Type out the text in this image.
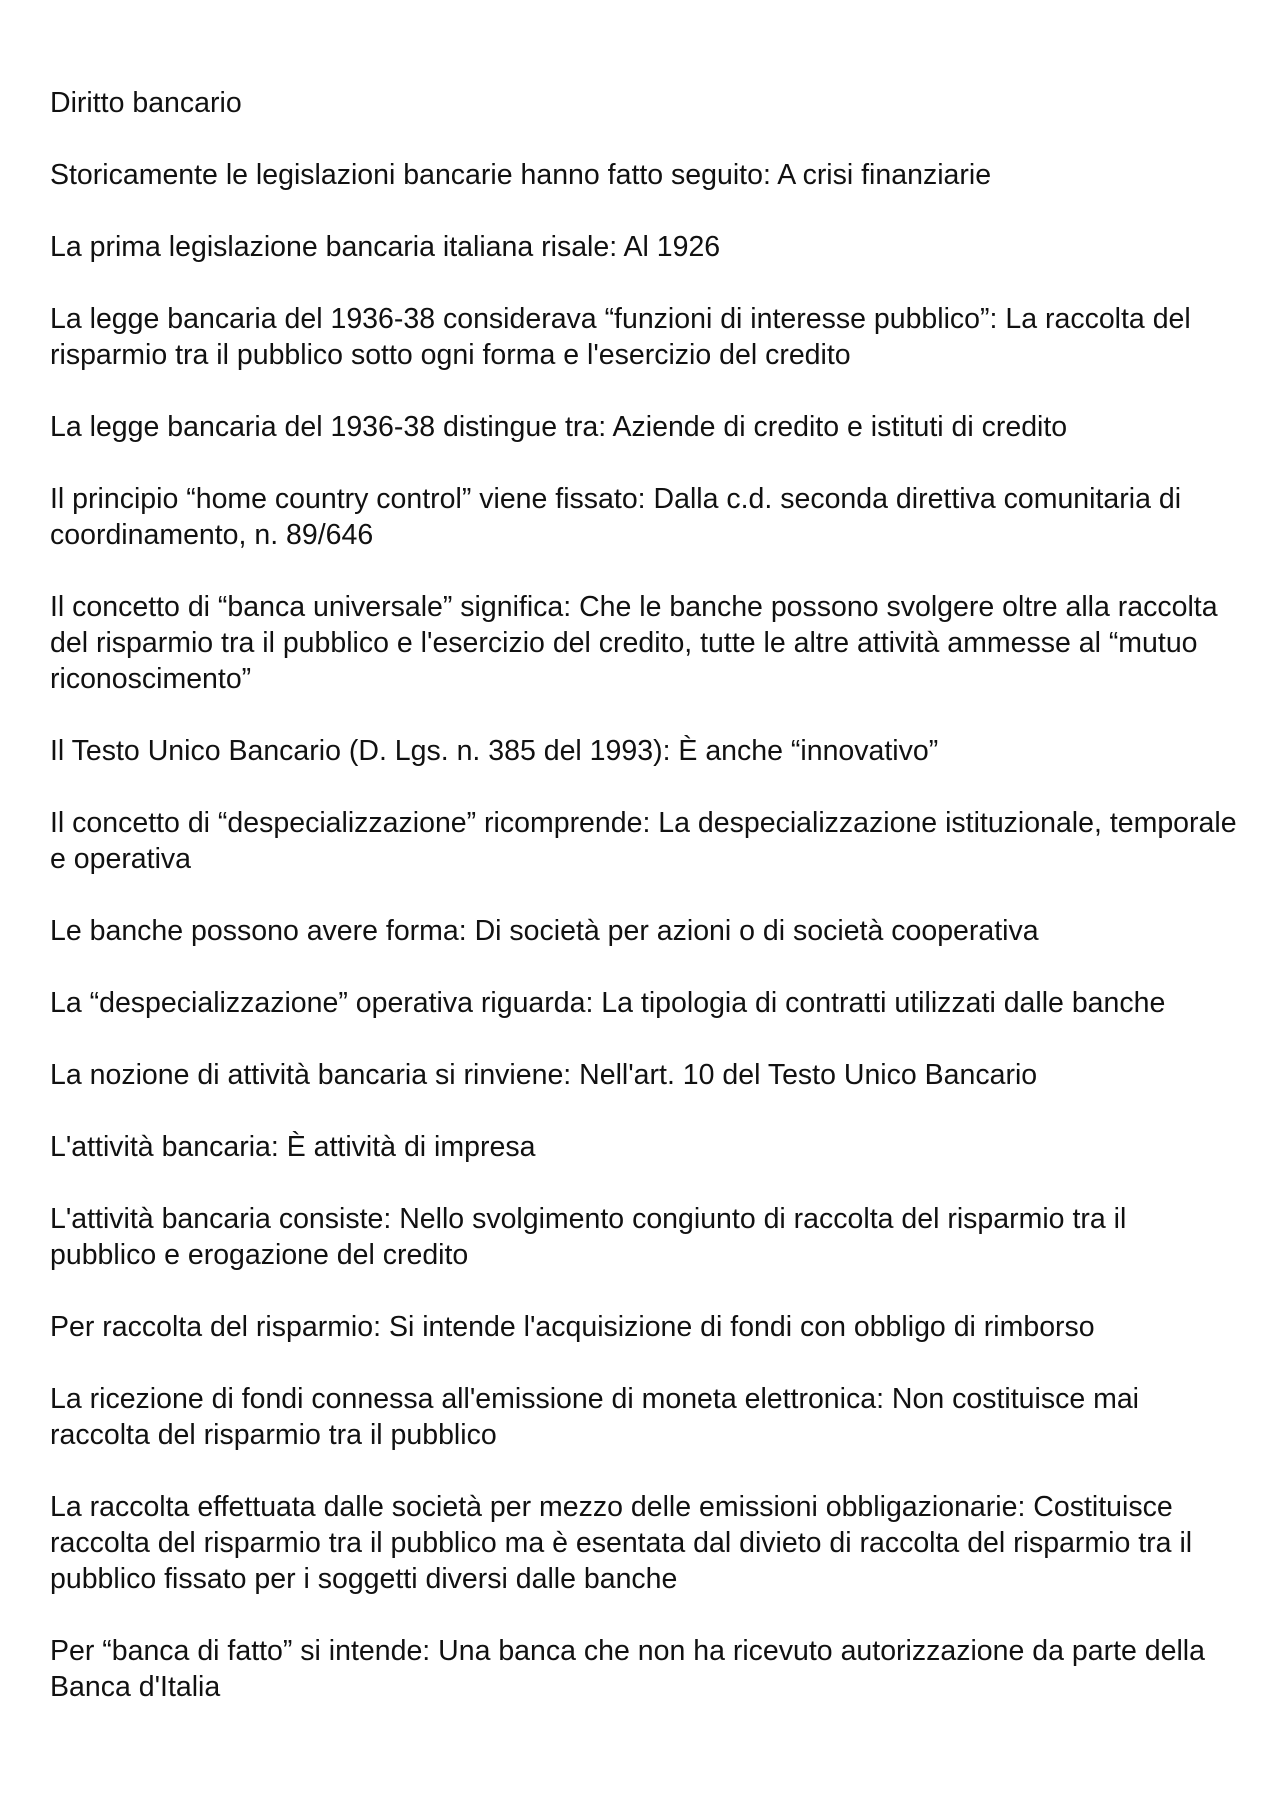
Diritto bancario

Storicamente le legislazioni bancarie hanno fatto seguito: A crisi finanziarie

La prima legislazione bancaria italiana risale: Al 1926

La legge bancaria del 1936-38 considerava “funzioni di interesse pubblico”: La raccolta del risparmio tra il pubblico sotto ogni forma e l'esercizio del credito

La legge bancaria del 1936-38 distingue tra: Aziende di credito e istituti di credito

Il principio “home country control” viene fissato: Dalla c.d. seconda direttiva comunitaria di coordinamento, n. 89/646

Il concetto di “banca universale” significa: Che le banche possono svolgere oltre alla raccolta del risparmio tra il pubblico e l'esercizio del credito, tutte le altre attività ammesse al “mutuo riconoscimento”

Il Testo Unico Bancario (D. Lgs. n. 385 del 1993): È anche “innovativo”

Il concetto di “despecializzazione” ricomprende: La despecializzazione istituzionale, temporale e operativa

Le banche possono avere forma: Di società per azioni o di società cooperativa

La “despecializzazione” operativa riguarda: La tipologia di contratti utilizzati dalle banche

La nozione di attività bancaria si rinviene: Nell'art. 10 del Testo Unico Bancario

L'attività bancaria: È attività di impresa

L'attività bancaria consiste: Nello svolgimento congiunto di raccolta del risparmio tra il pubblico e erogazione del credito

Per raccolta del risparmio: Si intende l'acquisizione di fondi con obbligo di rimborso

La ricezione di fondi connessa all'emissione di moneta elettronica: Non costituisce mai raccolta del risparmio tra il pubblico

La raccolta effettuata dalle società per mezzo delle emissioni obbligazionarie: Costituisce raccolta del risparmio tra il pubblico ma è esentata dal divieto di raccolta del risparmio tra il pubblico fissato per i soggetti diversi dalle banche

Per “banca di fatto” si intende: Una banca che non ha ricevuto autorizzazione da parte della Banca d'Italia
